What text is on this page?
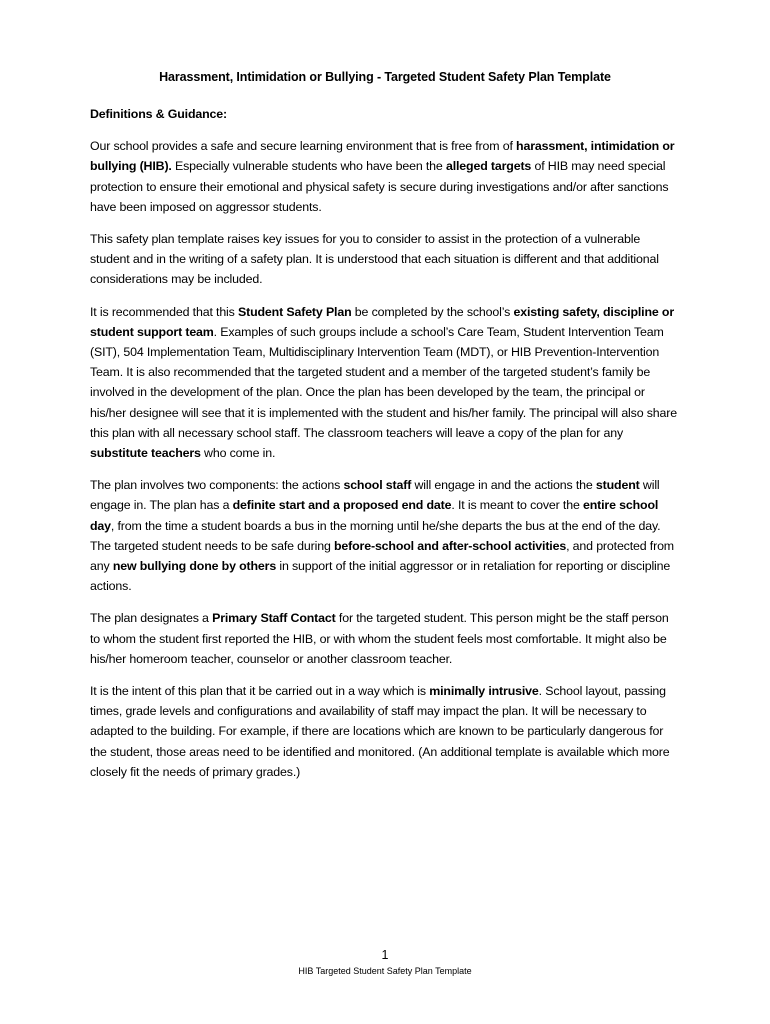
Harassment, Intimidation or Bullying - Targeted Student Safety Plan Template
Definitions & Guidance:

Our school provides a safe and secure learning environment that is free from of harassment, intimidation or bullying (HIB). Especially vulnerable students who have been the alleged targets of HIB may need special protection to ensure their emotional and physical safety is secure during investigations and/or after sanctions have been imposed on aggressor students.

This safety plan template raises key issues for you to consider to assist in the protection of a vulnerable student and in the writing of a safety plan. It is understood that each situation is different and that additional considerations may be included.

It is recommended that this Student Safety Plan be completed by the school’s existing safety, discipline or student support team. Examples of such groups include a school’s Care Team, Student Intervention Team (SIT), 504 Implementation Team, Multidisciplinary Intervention Team (MDT), or HIB Prevention-Intervention Team. It is also recommended that the targeted student and a member of the targeted student’s family be involved in the development of the plan. Once the plan has been developed by the team, the principal or his/her designee will see that it is implemented with the student and his/her family. The principal will also share this plan with all necessary school staff. The classroom teachers will leave a copy of the plan for any substitute teachers who come in.

The plan involves two components: the actions school staff will engage in and the actions the student will engage in. The plan has a definite start and a proposed end date. It is meant to cover the entire school day, from the time a student boards a bus in the morning until he/she departs the bus at the end of the day. The targeted student needs to be safe during before-school and after-school activities, and protected from any new bullying done by others in support of the initial aggressor or in retaliation for reporting or discipline actions.

The plan designates a Primary Staff Contact for the targeted student. This person might be the staff person to whom the student first reported the HIB, or with whom the student feels most comfortable. It might also be his/her homeroom teacher, counselor or another classroom teacher.

It is the intent of this plan that it be carried out in a way which is minimally intrusive. School layout, passing times, grade levels and configurations and availability of staff may impact the plan. It will be necessary to adapted to the building. For example, if there are locations which are known to be particularly dangerous for the student, those areas need to be identified and monitored. (An additional template is available which more closely fit the needs of primary grades.)

1
HIB Targeted Student Safety Plan Template
